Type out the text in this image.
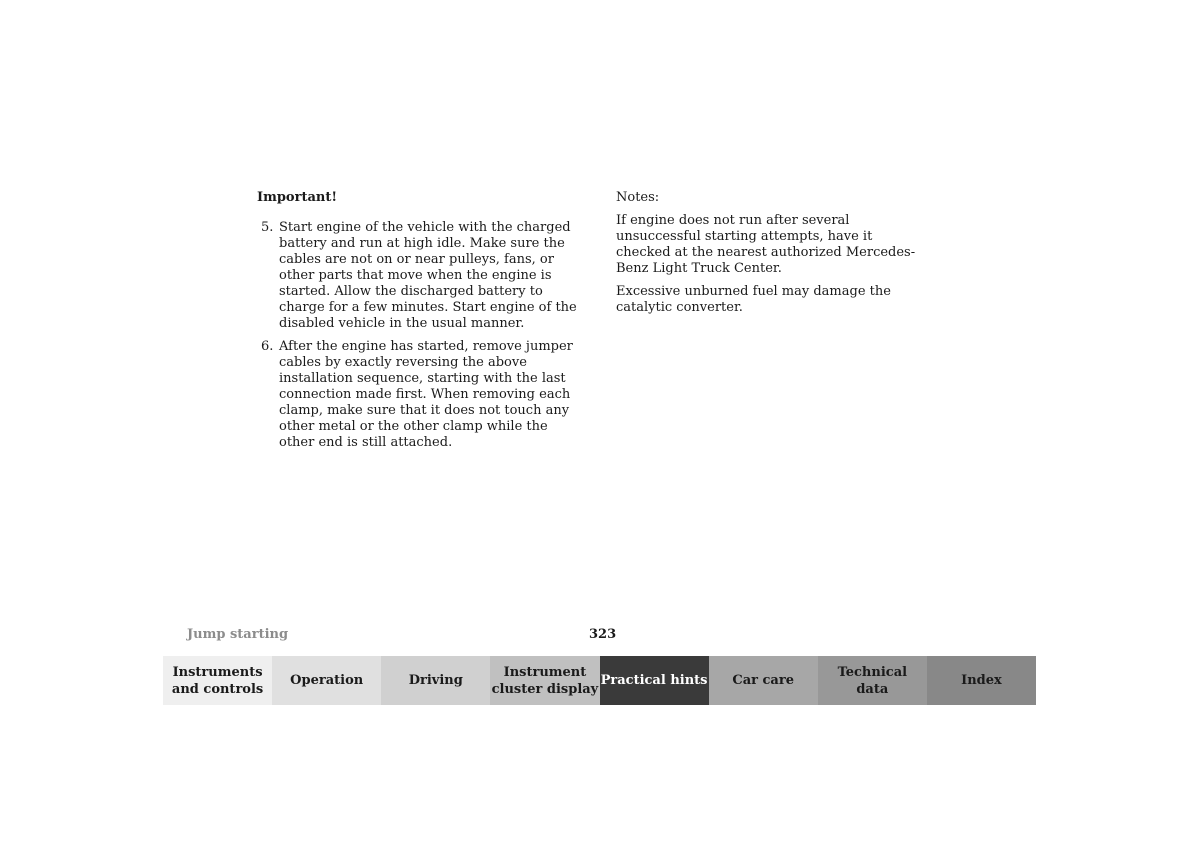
Important!
5. Start engine of the vehicle with the charged battery and run at high idle. Make sure the cables are not on or near pulleys, fans, or other parts that move when the engine is started. Allow the discharged battery to charge for a few minutes. Start engine of the disabled vehicle in the usual manner.
6. After the engine has started, remove jumper cables by exactly reversing the above installation sequence, starting with the last connection made first. When removing each clamp, make sure that it does not touch any other metal or the other clamp while the other end is still attached.
Notes:

If engine does not run after several unsuccessful starting attempts, have it checked at the nearest authorized Mercedes-Benz Light Truck Center.

Excessive unburned fuel may damage the catalytic converter.

Jump starting	323
Instruments
and controls
Operation	Driving
Instrument
cluster display
Practical hints	Car care
Technical
data
Index
